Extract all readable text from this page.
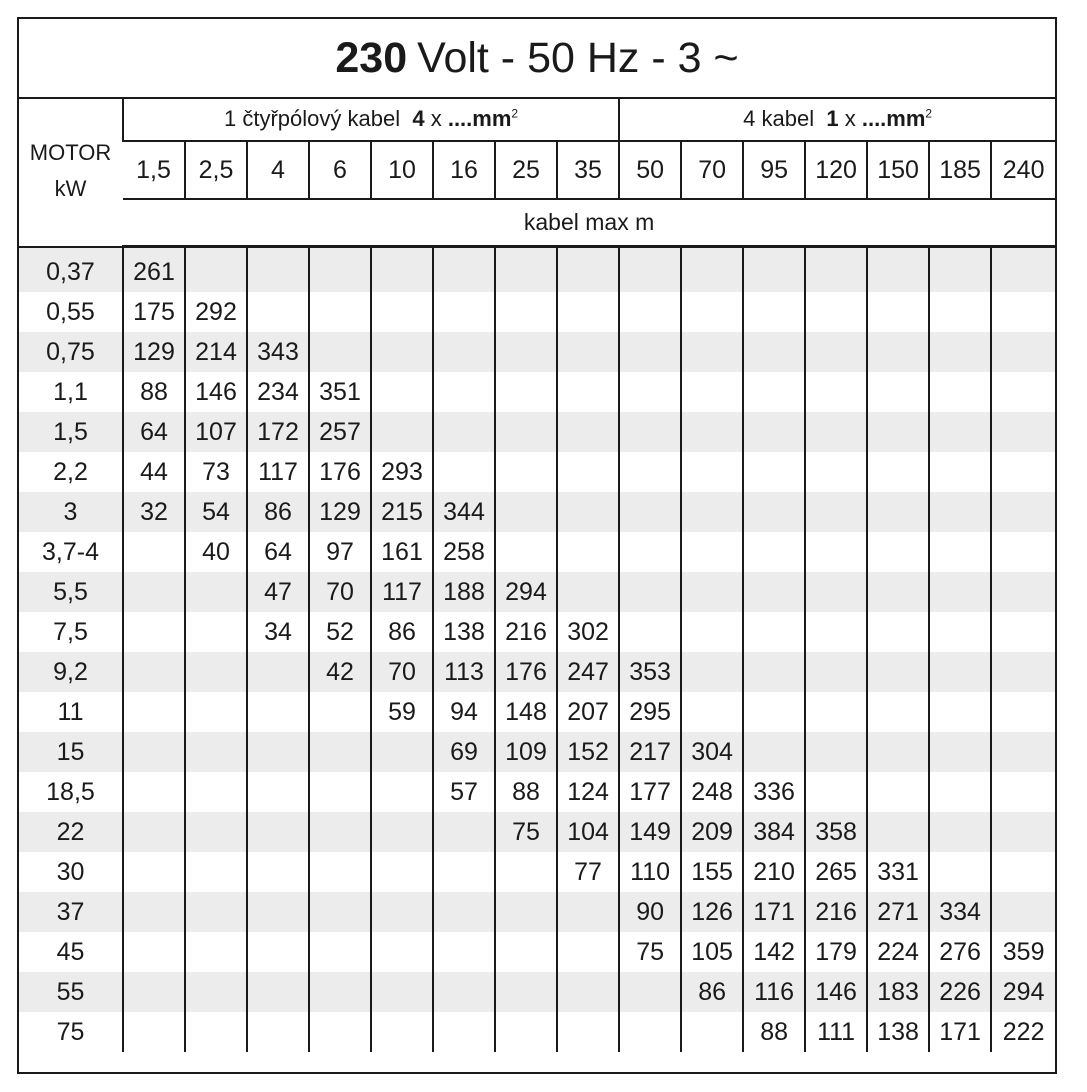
230 Volt - 50 Hz - 3 ~
MOTOR
kW	1 čtyřpólový kabel 4 x $....mm^2$								4 kabel 1 x $....mm^2$
	1,5	2,5	4	6	10	16	25	35	50	70	95	120	150	185	240
	kabel max m														
0,37	261														
0,55	175	292													
0,75	129	214	343												
1,1	88	146	234	351											
1,5	64	107	172	257											
2,2	44	73	117	176	293										
3	32	54	86	129	215	344									
3,7-4		40	64	97	161	258									
5,5			47	70	117	188	294								
7,5			34	52	86	138	216	302							
9,2				42	70	113	176	247	353						
11					59	94	148	207	295						
15						69	109	152	217	304					
18,5						57	88	124	177	248	336				
22							75	104	149	209	384	358			
30								77	110	155	210	265	331		
37									90	126	171	216	271	334	
45									75	105	142	179	224	276	359
55										86	116	146	183	226	294
75											88	111	138	171	222
